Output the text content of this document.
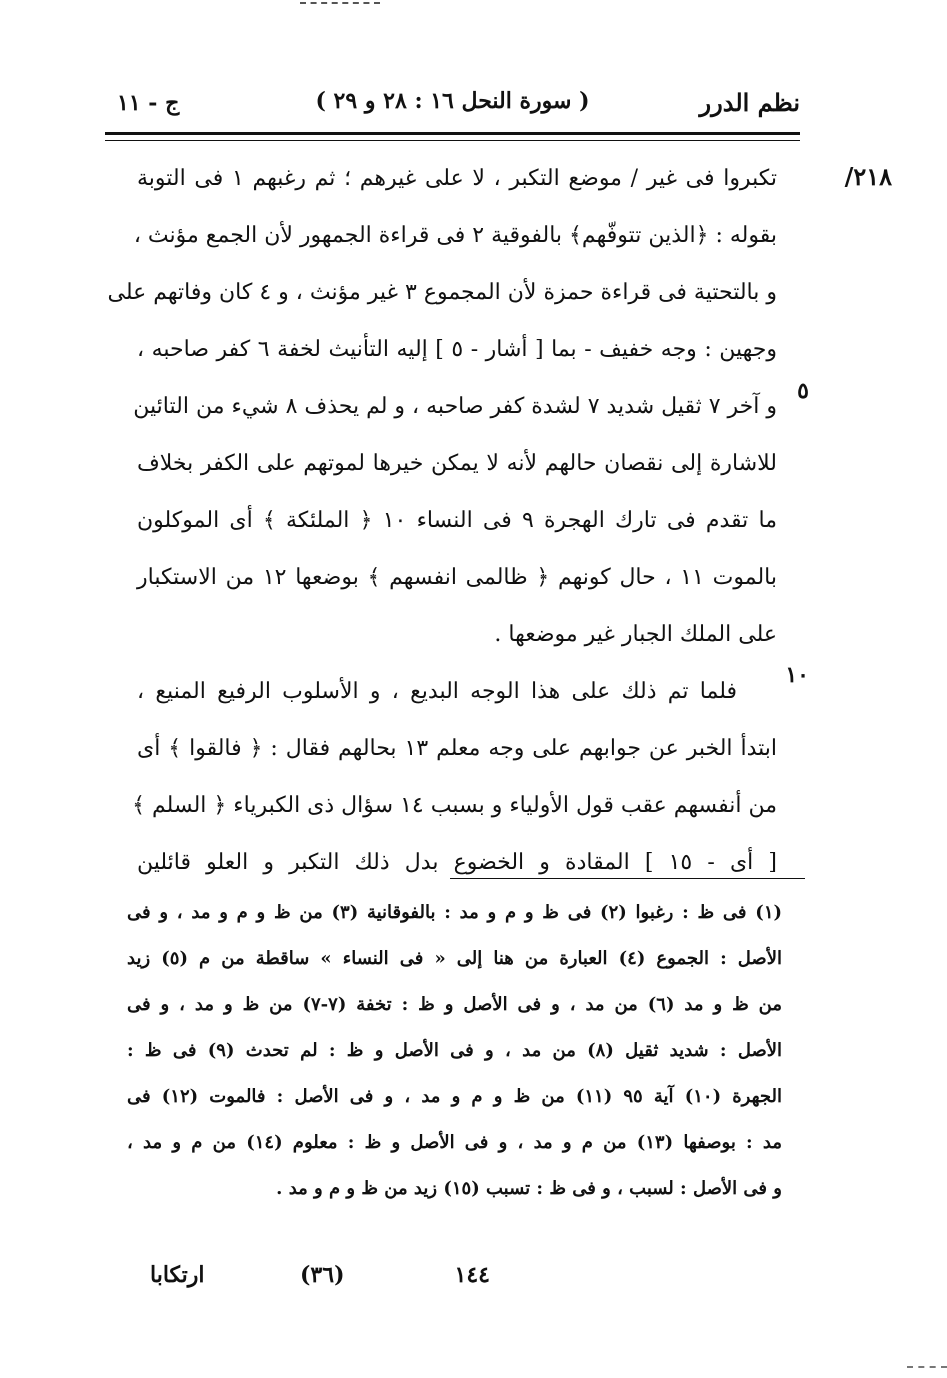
نظم الدرر
( سورة النحل ١٦ : ٢٨ و ٢٩ )
ج - ١١
٢١٨/
٥
١٠
تكبروا فى غير / موضع التكبر ، لا على غيرهم ؛ ثم رغبهم ١ فى التوبة
بقوله : ﴿الذين تتوفّهم﴾ بالفوقية ٢ فى قراءة الجمهور لأن الجمع مؤنث ،
و بالتحتية فى قراءة حمزة لأن المجموع ٣ غير مؤنث ، و ٤ كان وفاتهم على
وجهين : وجه خفيف - بما [ أشار - ٥ ] إليه التأنيث لخفة ٦ كفر صاحبه ،
و آخر ٧ ثقيل شديد ٧ لشدة كفر صاحبه ، و لم يحذف ٨ شيء من التائين
للاشارة إلى نقصان حالهم لأنه لا يمكن خيرها لموتهم على الكفر بخلاف
ما تقدم فى تارك الهجرة ٩ فى النساء ١٠ ﴿ الملئكة ﴾ أى الموكلون
بالموت ١١ ، حال كونهم ﴿ ظالمى انفسهم ﴾ بوضعها ١٢ من الاستكبار
على الملك الجبار غير موضعها .
فلما تم ذلك على هذا الوجه البديع ، و الأسلوب الرفيع المنيع ،
ابتدأ الخبر عن جوابهم على وجه معلم ١٣ بحالهم فقال : ﴿ فالقوا ﴾ أى
من أنفسهم عقب قول الأولياء و بسبب ١٤ سؤال ذى الكبرياء ﴿ السلم ﴾
[ أى - ١٥ ] المقادة و الخضوع بدل ذلك التكبر و العلو قائلين
(١) فى ظ : رغبوا (٢) فى ظ و م و مد : بالفوقانية (٣) من ظ و م و مد ، و فى
الأصل : الجموع (٤) العبارة من هنا إلى « فى النساء » ساقطة من م (٥) زيد
من ظ و مد (٦) من مد ، و فى الأصل و ظ : تخفة (٧-٧) من ظ و مد ، و فى
الأصل : شديد ثقيل (٨) من مد ، و فى الأصل و ظ : لم تحدث (٩) فى ظ :
الجهرة (١٠) آية ٩٥ (١١) من ظ و م و مد ، و فى الأصل : فالموت (١٢) فى
مد : بوصفها (١٣) من م و مد ، و فى الأصل و ظ : معلوم (١٤) من م و مد ،
و فى الأصل : لسبب ، و فى ظ : تسبب (١٥) زيد من ظ و م و مد .
١٤٤
(٣٦)
ارتكابا
